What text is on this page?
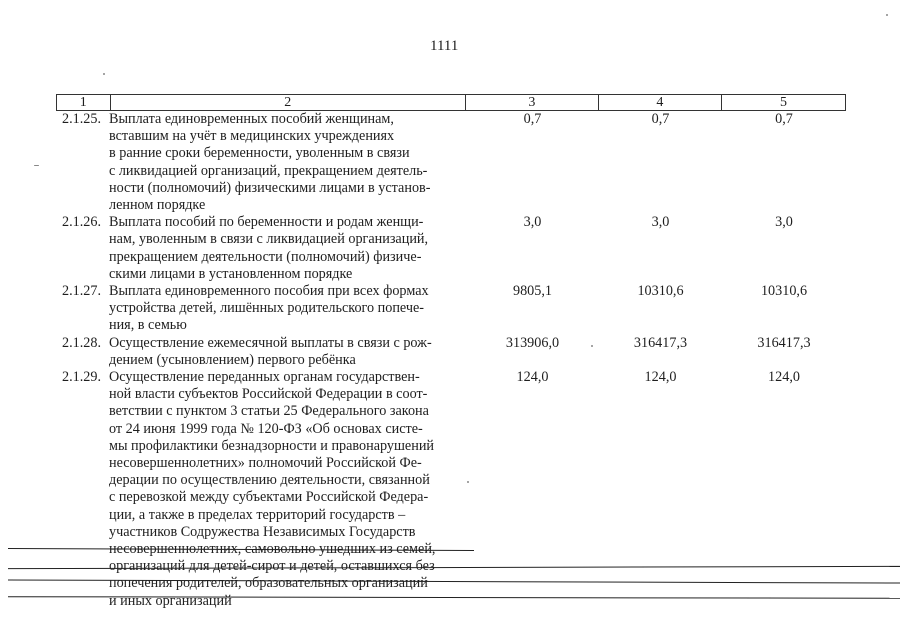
1111
1	2	3	4	5
2.1.25. Выплата единовременных пособий женщинам,
вставшим на учёт в медицинских учреждениях
в ранние сроки беременности, уволенным в связи
с ликвидацией организаций, прекращением деятель-
ности (полномочий) физическими лицами в установ-
ленном порядке
0,7	0,7	0,7
2.1.26. Выплата пособий по беременности и родам женщи-
нам, уволенным в связи с ликвидацией организаций,
прекращением деятельности (полномочий) физиче-
скими лицами в установленном порядке
3,0	3,0	3,0
2.1.27. Выплата единовременного пособия при всех формах
устройства детей, лишённых родительского попече-
ния, в семью
9805,1	10310,6	10310,6
2.1.28. Осуществление ежемесячной выплаты в связи с рож-
дением (усыновлением) первого ребёнка
313906,0	316417,3	316417,3
2.1.29. Осуществление переданных органам государствен-
ной власти субъектов Российской Федерации в соот-
ветствии с пунктом 3 статьи 25 Федерального закона
от 24 июня 1999 года № 120-ФЗ «Об основах систе-
мы профилактики безнадзорности и правонарушений
несовершеннолетних» полномочий Российской Фе-
дерации по осуществлению деятельности, связанной
с перевозкой между субъектами Российской Федера-
ции, а также в пределах территорий государств –
участников Содружества Независимых Государств
несовершеннолетних, самовольно ушедших из семей,
организаций для детей-сирот и детей, оставшихся без
попечения родителей, образовательных организаций
и иных организаций
124,0	124,0	124,0
